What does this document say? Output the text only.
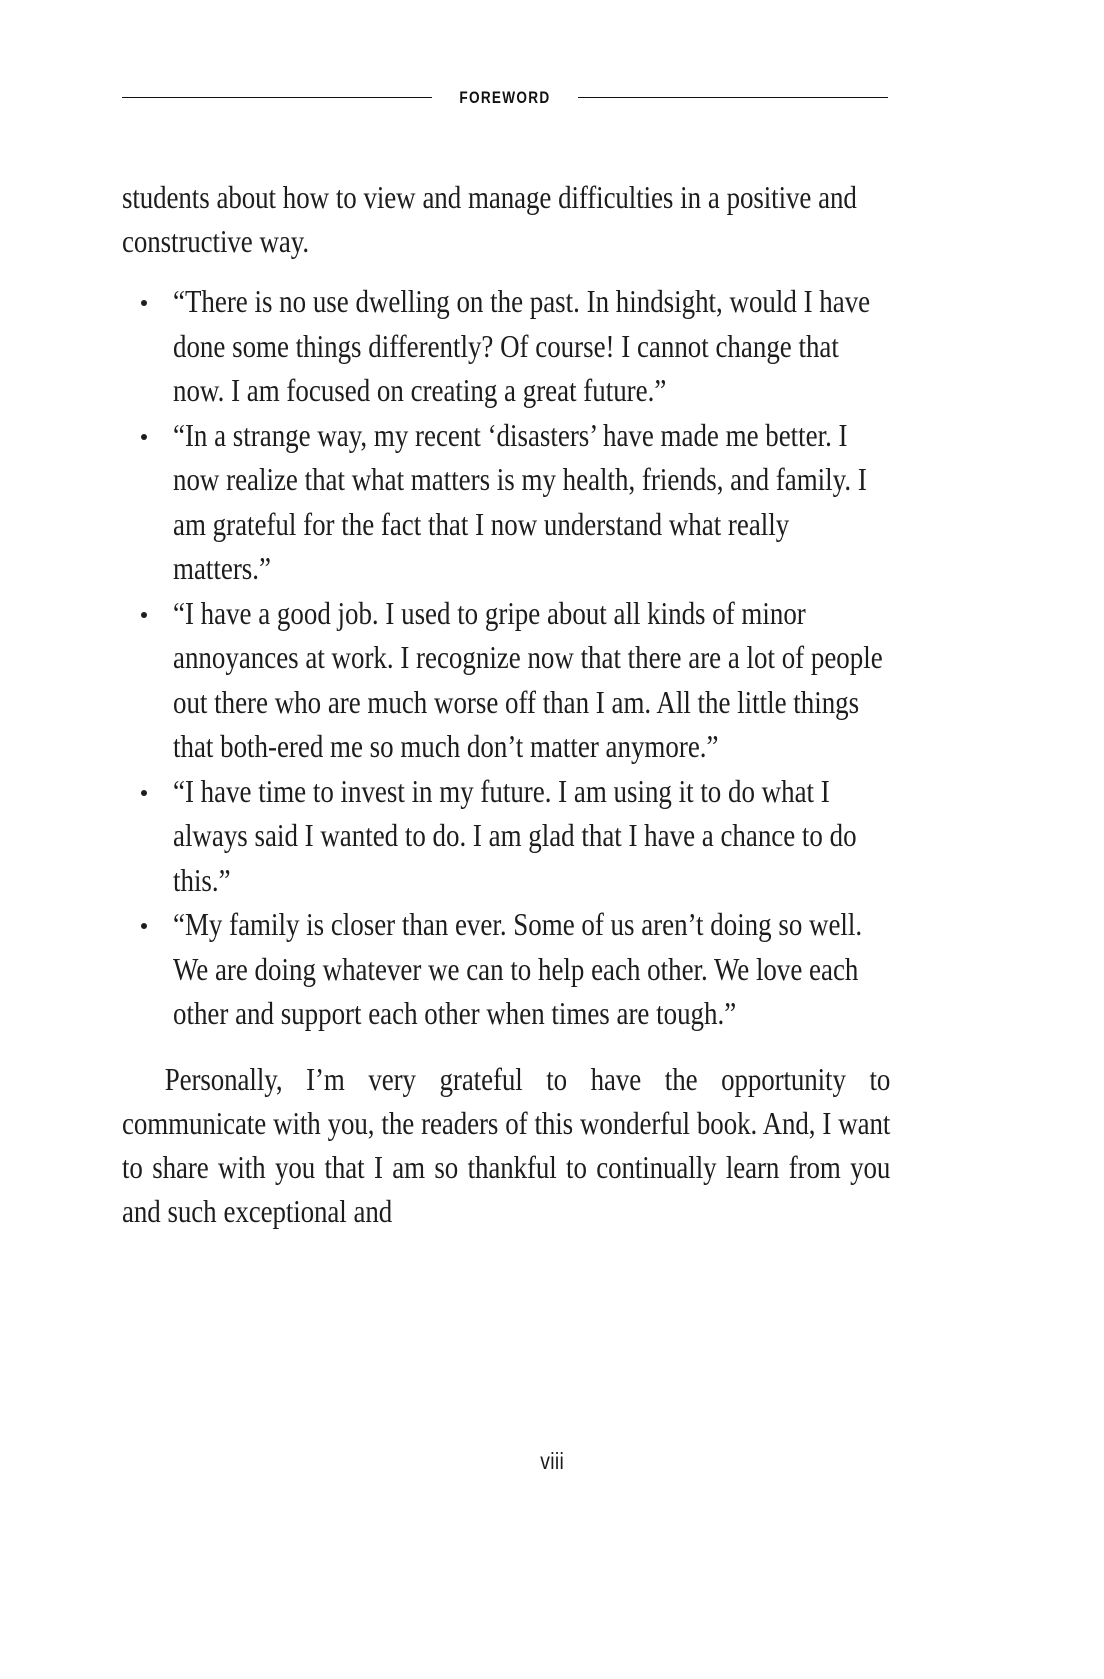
FOREWORD

students about how to view and manage difficulties in a positive and constructive way.

“There is no use dwelling on the past. In hindsight, would I have done some things differently? Of course! I cannot change that now. I am focused on creating a great future.”
“In a strange way, my recent ‘disasters’ have made me better. I now realize that what matters is my health, friends, and family. I am grateful for the fact that I now understand what really matters.”
“I have a good job. I used to gripe about all kinds of minor annoyances at work. I recognize now that there are a lot of people out there who are much worse off than I am. All the little things that both-ered me so much don’t matter anymore.”
“I have time to invest in my future. I am using it to do what I always said I wanted to do. I am glad that I have a chance to do this.”
“My family is closer than ever. Some of us aren’t doing so well. We are doing whatever we can to help each other. We love each other and support each other when times are tough.”

Personally, I’m very grateful to have the opportunity to communicate with you, the readers of this wonderful book. And, I want to share with you that I am so thankful to continually learn from you and such exceptional and

viii
